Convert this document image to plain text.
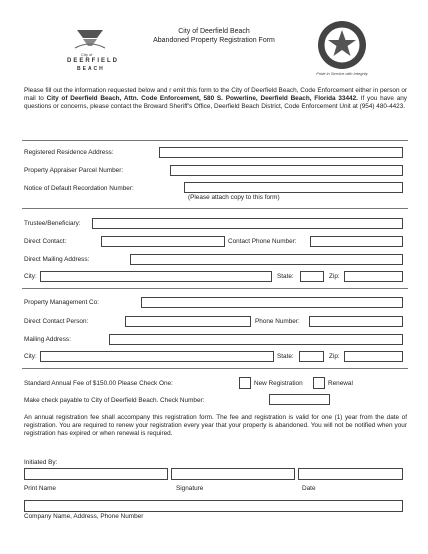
City of Deerfield Beach
Abandoned Property Registration Form
City of
DEERFIELD
BEACH
Pride in Service with Integrity
Please fill out the information requested below and r emit this form to the City of Deerfield Beach, Code Enforcement either in person or mail to City of Deerfield Beach, Attn. Code Enforcement, 580 S. Powerline, Deerfield Beach, Florida 33442. If you have any questions or concerns, please contact the Broward Sheriff's Office, Deerfield Beach District, Code Enforcement Unit at (954) 480-4423.
Registered Residence Address:
Property Appraiser Parcel Number:
Notice of Default Recordation Number:
(Please attach copy to this form)
Trustee/Beneficiary:
Direct Contact:	Contact Phone Number:
Direct Mailing Address:
City:	State:	Zip:
Property Management Co:
Direct Contact Person:	Phone Number:
Mailing Address:
City:	State:	Zip:
Standard Annual Fee of $150.00 Please Check One:	New Registration	Renewal
Make check payable to City of Deerfield Beach. Check Number:
An annual registration fee shall accompany this registration form. The fee and registration is valid for one (1) year from the date of registration. You are required to renew your registration every year that your property is abandoned. You will not be notified when your registration has expired or when renewal is required.
Initiated By:
Print Name	Signature	Date
Company Name, Address, Phone Number
